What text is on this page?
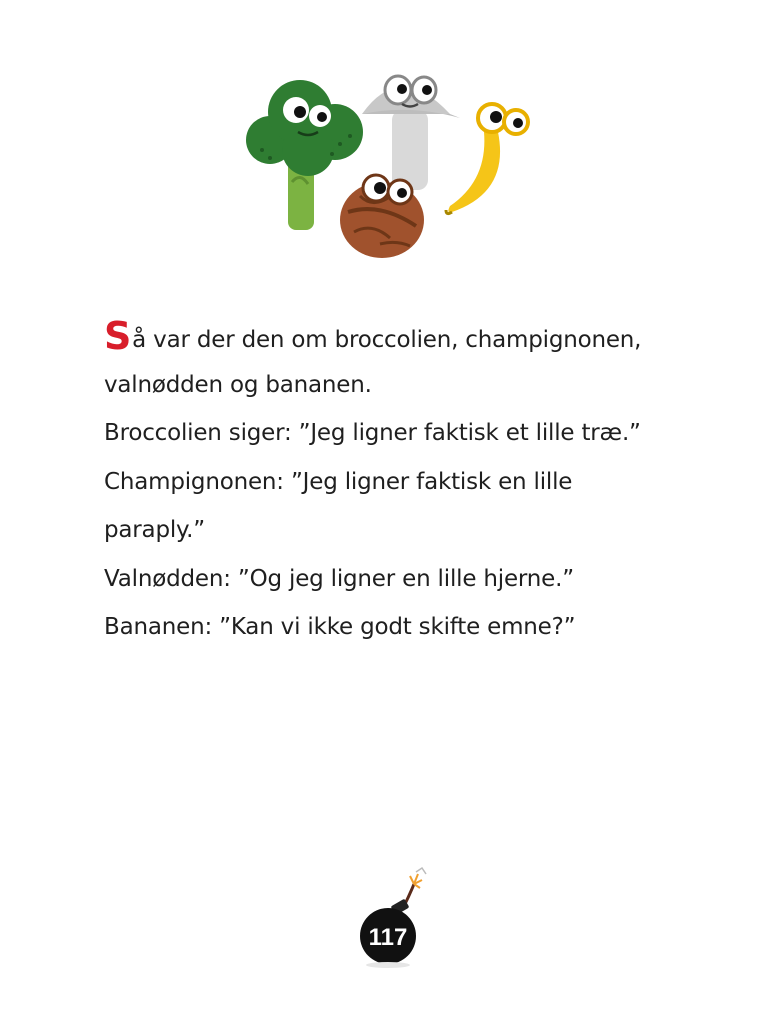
Så var der den om broccolien, champignonen,
valnødden og bananen.
Broccolien siger: ”Jeg ligner faktisk et lille træ.”
Champignonen: ”Jeg ligner faktisk en lille
paraply.”
Valnødden: ”Og jeg ligner en lille hjerne.”
Bananen: ”Kan vi ikke godt skifte emne?”
117
